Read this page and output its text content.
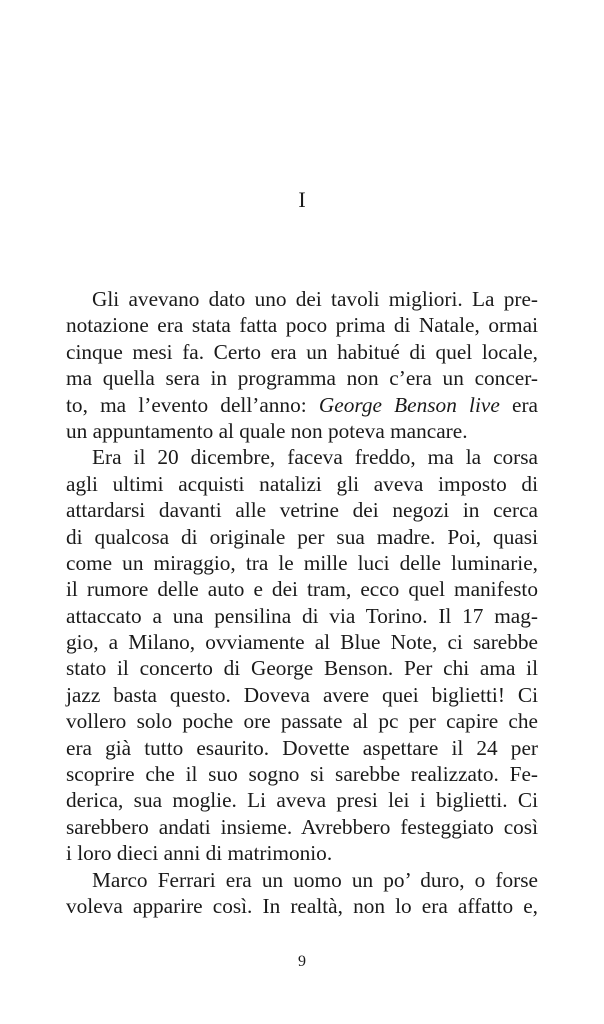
I
Gli avevano dato uno dei tavoli migliori. La pre-
notazione era stata fatta poco prima di Natale, ormai
cinque mesi fa. Certo era un habitué di quel locale,
ma quella sera in programma non c’era un concer-
to, ma l’evento dell’anno: George Benson live era
un appuntamento al quale non poteva mancare.
Era il 20 dicembre, faceva freddo, ma la corsa
agli ultimi acquisti natalizi gli aveva imposto di
attardarsi davanti alle vetrine dei negozi in cerca
di qualcosa di originale per sua madre. Poi, quasi
come un miraggio, tra le mille luci delle luminarie,
il rumore delle auto e dei tram, ecco quel manifesto
attaccato a una pensilina di via Torino. Il 17 mag-
gio, a Milano, ovviamente al Blue Note, ci sarebbe
stato il concerto di George Benson. Per chi ama il
jazz basta questo. Doveva avere quei biglietti! Ci
vollero solo poche ore passate al pc per capire che
era già tutto esaurito. Dovette aspettare il 24 per
scoprire che il suo sogno si sarebbe realizzato. Fe-
derica, sua moglie. Li aveva presi lei i biglietti. Ci
sarebbero andati insieme. Avrebbero festeggiato così
i loro dieci anni di matrimonio.
Marco Ferrari era un uomo un po’ duro, o forse
voleva apparire così. In realtà, non lo era affatto e,
9
